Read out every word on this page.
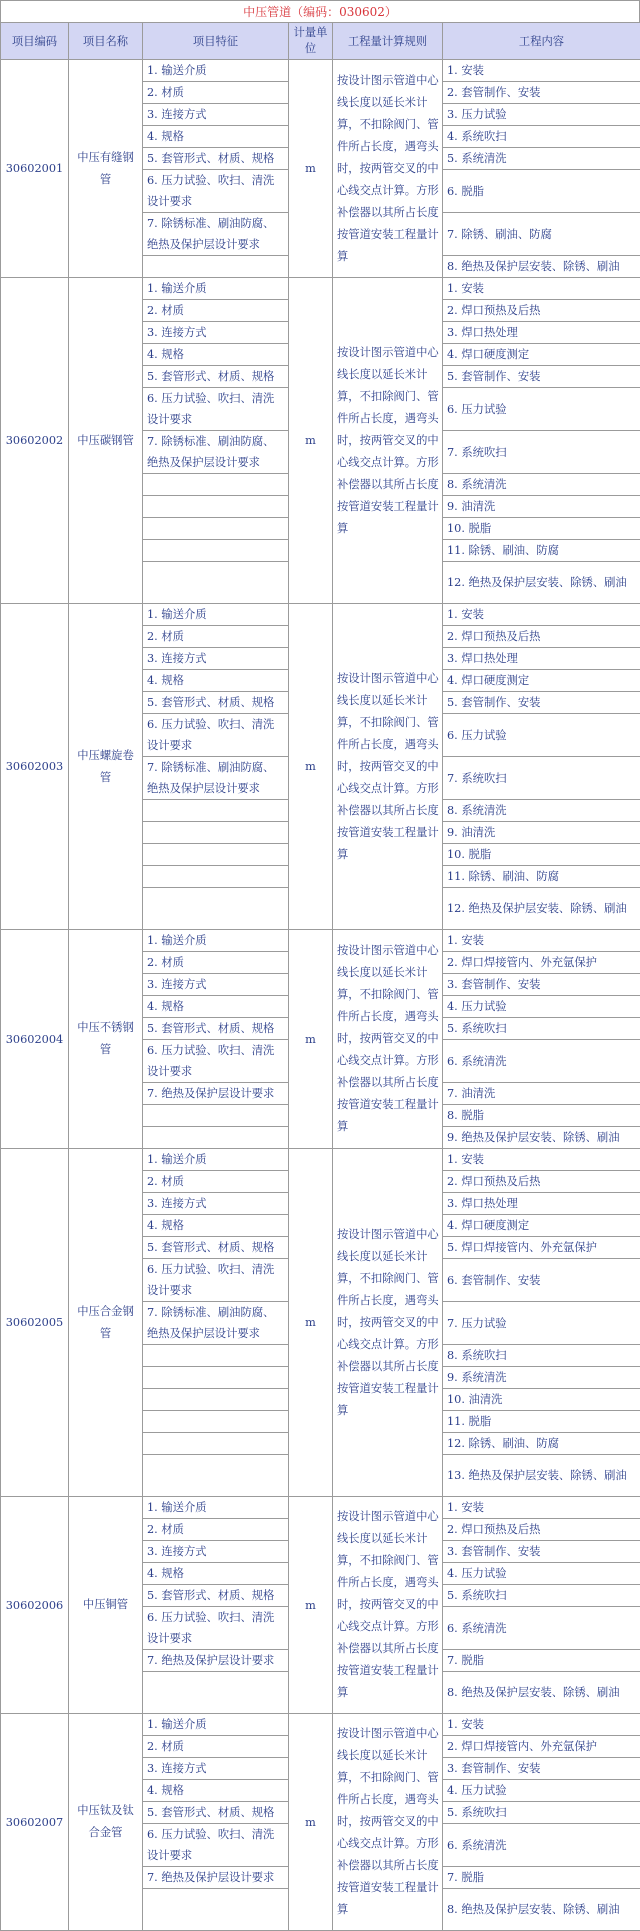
中压管道（编码：030602）
项目编码	项目名称	项目特征	计量单位	工程量计算规则	工程内容
30602001	中压有缝钢管	1. 输送介质	m	按设计图示管道中心线长度以延长米计算，不扣除阀门、管件所占长度，遇弯头时，按两管交叉的中心线交点计算。方形补偿器以其所占长度按管道安装工程量计算	1. 安装
		2. 材质			2. 套管制作、安装
		3. 连接方式			3. 压力试验
		4. 规格			4. 系统吹扫
		5. 套管形式、材质、规格			5. 系统清洗
		6. 压力试验、吹扫、清洗设计要求			6. 脱脂
		7. 除锈标准、刷油防腐、绝热及保护层设计要求			7. 除锈、刷油、防腐
					8. 绝热及保护层安装、除锈、刷油
30602002	中压碳钢管	1. 输送介质	m	按设计图示管道中心线长度以延长米计算，不扣除阀门、管件所占长度，遇弯头时，按两管交叉的中心线交点计算。方形补偿器以其所占长度按管道安装工程量计算	1. 安装
		2. 材质			2. 焊口预热及后热
		3. 连接方式			3. 焊口热处理
		4. 规格			4. 焊口硬度测定
		5. 套管形式、材质、规格			5. 套管制作、安装
		6. 压力试验、吹扫、清洗设计要求			6. 压力试验
		7. 除锈标准、刷油防腐、绝热及保护层设计要求			7. 系统吹扫
					8. 系统清洗
					9. 油清洗
					10. 脱脂
					11. 除锈、刷油、防腐
					12. 绝热及保护层安装、除锈、刷油
30602003	中压螺旋卷管	1. 输送介质	m	按设计图示管道中心线长度以延长米计算，不扣除阀门、管件所占长度，遇弯头时，按两管交叉的中心线交点计算。方形补偿器以其所占长度按管道安装工程量计算	1. 安装
		2. 材质			2. 焊口预热及后热
		3. 连接方式			3. 焊口热处理
		4. 规格			4. 焊口硬度测定
		5. 套管形式、材质、规格			5. 套管制作、安装
		6. 压力试验、吹扫、清洗设计要求			6. 压力试验
		7. 除锈标准、刷油防腐、绝热及保护层设计要求			7. 系统吹扫
					8. 系统清洗
					9. 油清洗
					10. 脱脂
					11. 除锈、刷油、防腐
					12. 绝热及保护层安装、除锈、刷油
30602004	中压不锈钢管	1. 输送介质	m	按设计图示管道中心线长度以延长米计算，不扣除阀门、管件所占长度，遇弯头时，按两管交叉的中心线交点计算。方形补偿器以其所占长度按管道安装工程量计算	1. 安装
		2. 材质			2. 焊口焊接管内、外充氩保护
		3. 连接方式			3. 套管制作、安装
		4. 规格			4. 压力试验
		5. 套管形式、材质、规格			5. 系统吹扫
		6. 压力试验、吹扫、清洗设计要求			6. 系统清洗
		7. 绝热及保护层设计要求			7. 油清洗
					8. 脱脂
					9. 绝热及保护层安装、除锈、刷油
30602005	中压合金钢管	1. 输送介质	m	按设计图示管道中心线长度以延长米计算，不扣除阀门、管件所占长度，遇弯头时，按两管交叉的中心线交点计算。方形补偿器以其所占长度按管道安装工程量计算	1. 安装
		2. 材质			2. 焊口预热及后热
		3. 连接方式			3. 焊口热处理
		4. 规格			4. 焊口硬度测定
		5. 套管形式、材质、规格			5. 焊口焊接管内、外充氩保护
		6. 压力试验、吹扫、清洗设计要求			6. 套管制作、安装
		7. 除锈标准、刷油防腐、绝热及保护层设计要求			7. 压力试验
					8. 系统吹扫
					9. 系统清洗
					10. 油清洗
					11. 脱脂
					12. 除锈、刷油、防腐
					13. 绝热及保护层安装、除锈、刷油
30602006	中压铜管	1. 输送介质	m	按设计图示管道中心线长度以延长米计算，不扣除阀门、管件所占长度，遇弯头时，按两管交叉的中心线交点计算。方形补偿器以其所占长度按管道安装工程量计算	1. 安装
		2. 材质			2. 焊口预热及后热
		3. 连接方式			3. 套管制作、安装
		4. 规格			4. 压力试验
		5. 套管形式、材质、规格			5. 系统吹扫
		6. 压力试验、吹扫、清洗设计要求			6. 系统清洗
		7. 绝热及保护层设计要求			7. 脱脂
					8. 绝热及保护层安装、除锈、刷油
30602007	中压钛及钛合金管	1. 输送介质	m	按设计图示管道中心线长度以延长米计算，不扣除阀门、管件所占长度，遇弯头时，按两管交叉的中心线交点计算。方形补偿器以其所占长度按管道安装工程量计算	1. 安装
		2. 材质			2. 焊口焊接管内、外充氩保护
		3. 连接方式			3. 套管制作、安装
		4. 规格			4. 压力试验
		5. 套管形式、材质、规格			5. 系统吹扫
		6. 压力试验、吹扫、清洗设计要求			6. 系统清洗
		7. 绝热及保护层设计要求			7. 脱脂
					8. 绝热及保护层安装、除锈、刷油
